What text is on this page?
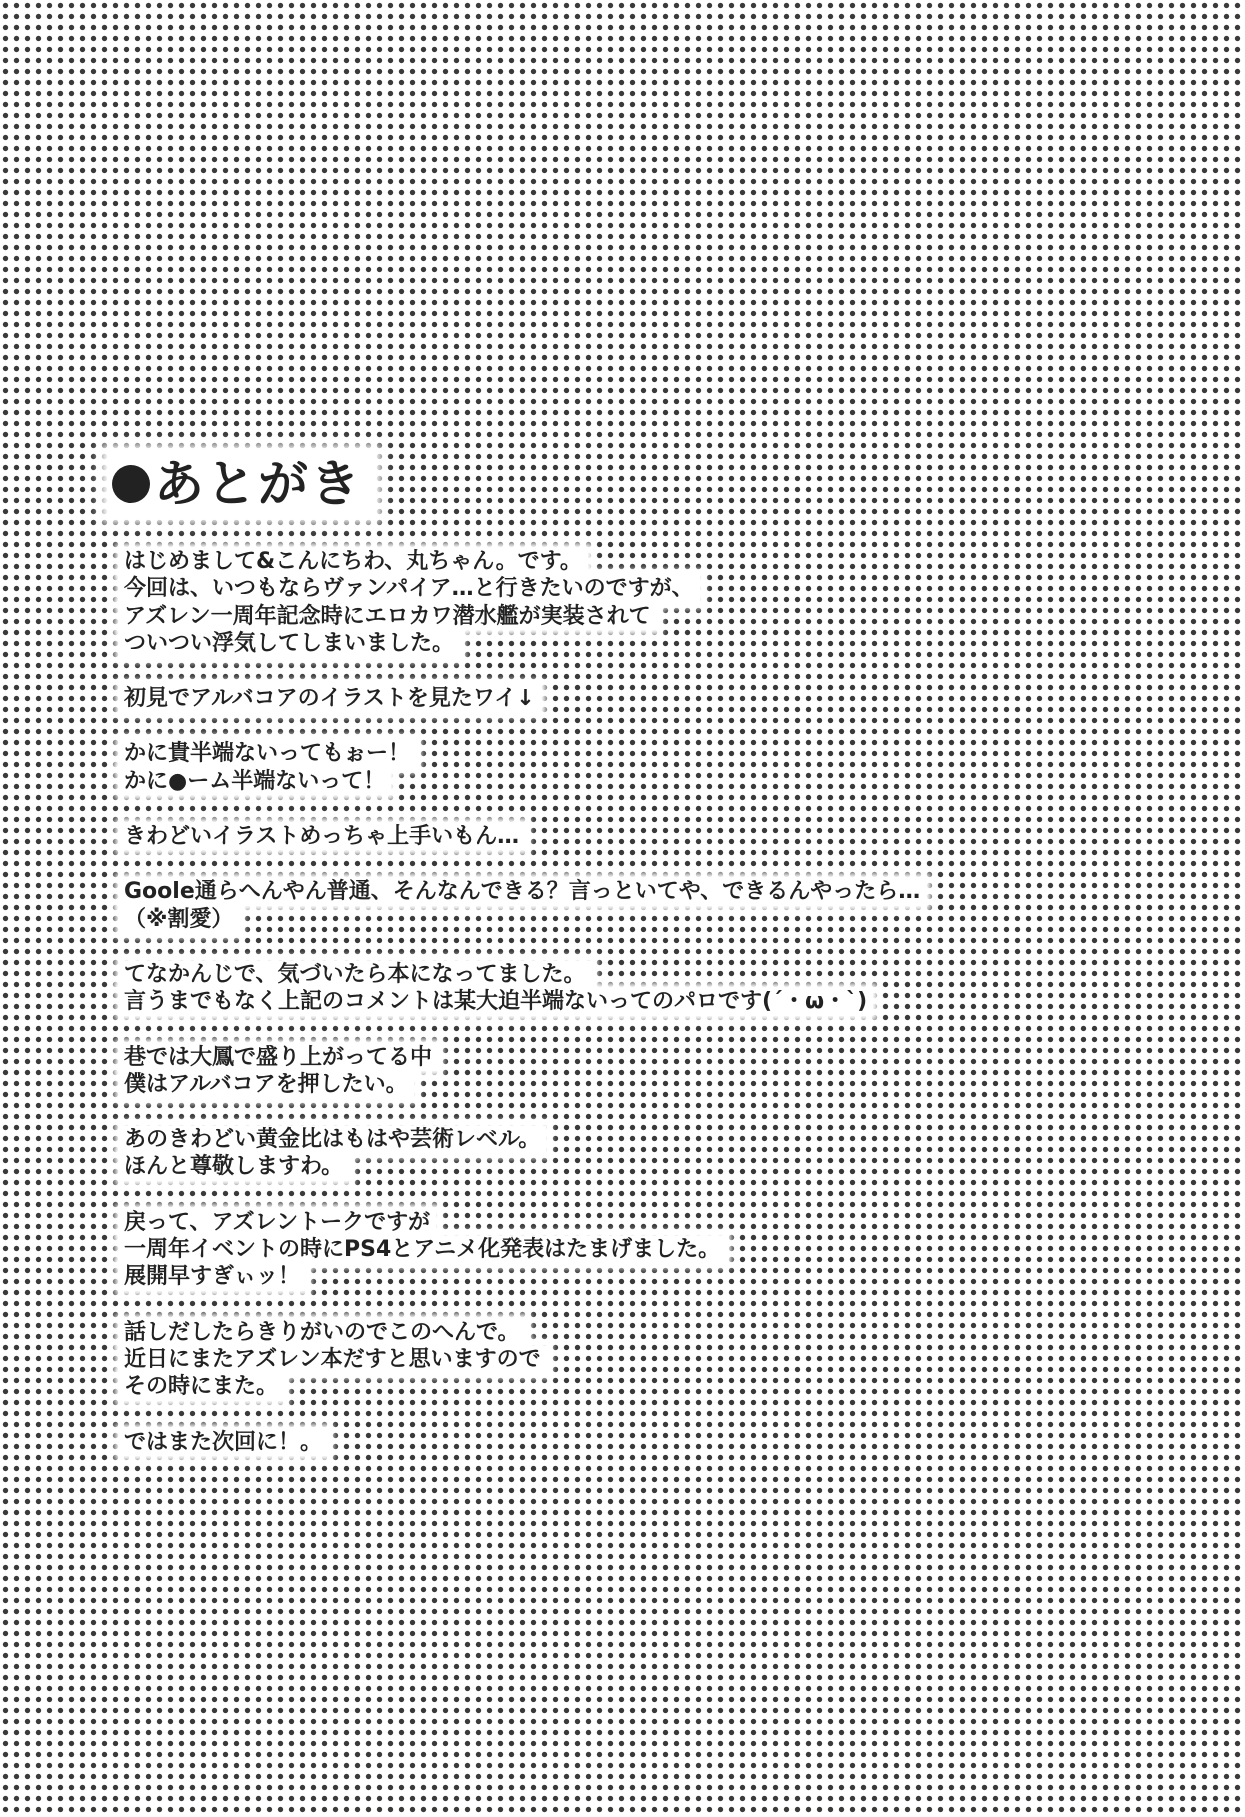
あとがき
はじめまして&こんにちわ、丸ちゃん。です。
今回は、いつもならヴァンパイア…と行きたいのですが、
アズレン一周年記念時にエロカワ潜水艦が実装されて
ついつい浮気してしまいました。
初見でアルバコアのイラストを見たワイ↓
かに貴半端ないってもぉー！
かに●ーム半端ないって！
きわどいイラストめっちゃ上手いもん…
Goole通らへんやん普通、そんなんできる？言っといてや、できるんやったら…
（※割愛）
てなかんじで、気づいたら本になってました。
言うまでもなく上記のコメントは某大迫半端ないってのパロです(´・ω・`)
巷では大鳳で盛り上がってる中
僕はアルバコアを押したい。
あのきわどい黄金比はもはや芸術レベル。
ほんと尊敬しますわ。
戻って、アズレントークですが
一周年イベントの時にPS4とアニメ化発表はたまげました。
展開早すぎぃッ！
話しだしたらきりがいのでこのへんで。
近日にまたアズレン本だすと思いますので
その時にまた。
ではまた次回に！。
